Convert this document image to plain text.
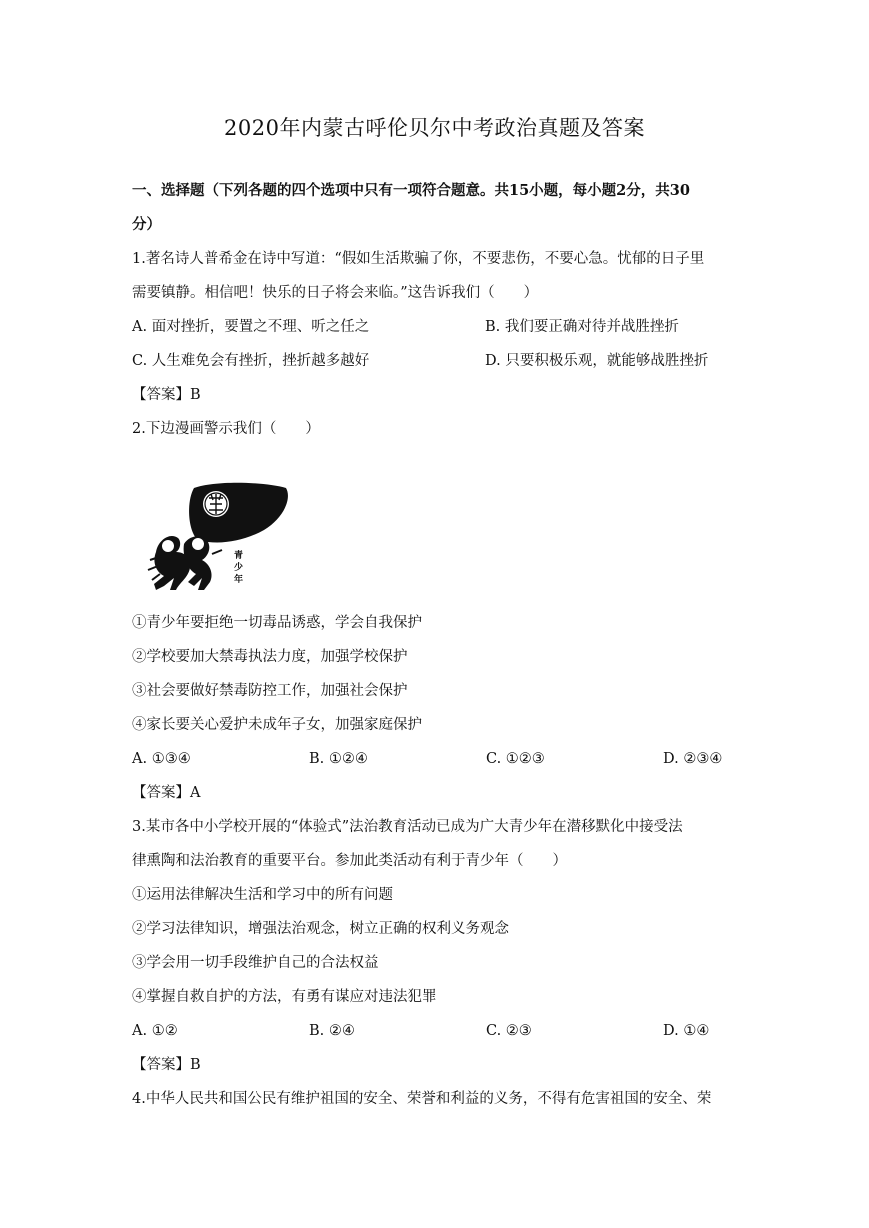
2020年内蒙古呼伦贝尔中考政治真题及答案
一、选择题（下列各题的四个选项中只有一项符合题意。共15小题，每小题2分，共30
分）
1.著名诗人普希金在诗中写道：“假如生活欺骗了你，不要悲伤，不要心急。忧郁的日子里
需要镇静。相信吧！快乐的日子将会来临。”这告诉我们（　　）
A. 面对挫折，要置之不理、听之任之	B. 我们要正确对待并战胜挫折
C. 人生难免会有挫折，挫折越多越好	D. 只要积极乐观，就能够战胜挫折
【答案】B
2.下边漫画警示我们（　　）
青
少
年
①青少年要拒绝一切毒品诱惑，学会自我保护
②学校要加大禁毒执法力度，加强学校保护
③社会要做好禁毒防控工作，加强社会保护
④家长要关心爱护未成年子女，加强家庭保护
A. ①③④	B. ①②④	C. ①②③	D. ②③④
【答案】A
3.某市各中小学校开展的“体验式”法治教育活动已成为广大青少年在潜移默化中接受法
律熏陶和法治教育的重要平台。参加此类活动有利于青少年（　　）
①运用法律解决生活和学习中的所有问题
②学习法律知识，增强法治观念，树立正确的权利义务观念
③学会用一切手段维护自己的合法权益
④掌握自救自护的方法，有勇有谋应对违法犯罪
A. ①②	B. ②④	C. ②③	D. ①④
【答案】B
4.中华人民共和国公民有维护祖国的安全、荣誉和利益的义务，不得有危害祖国的安全、荣
